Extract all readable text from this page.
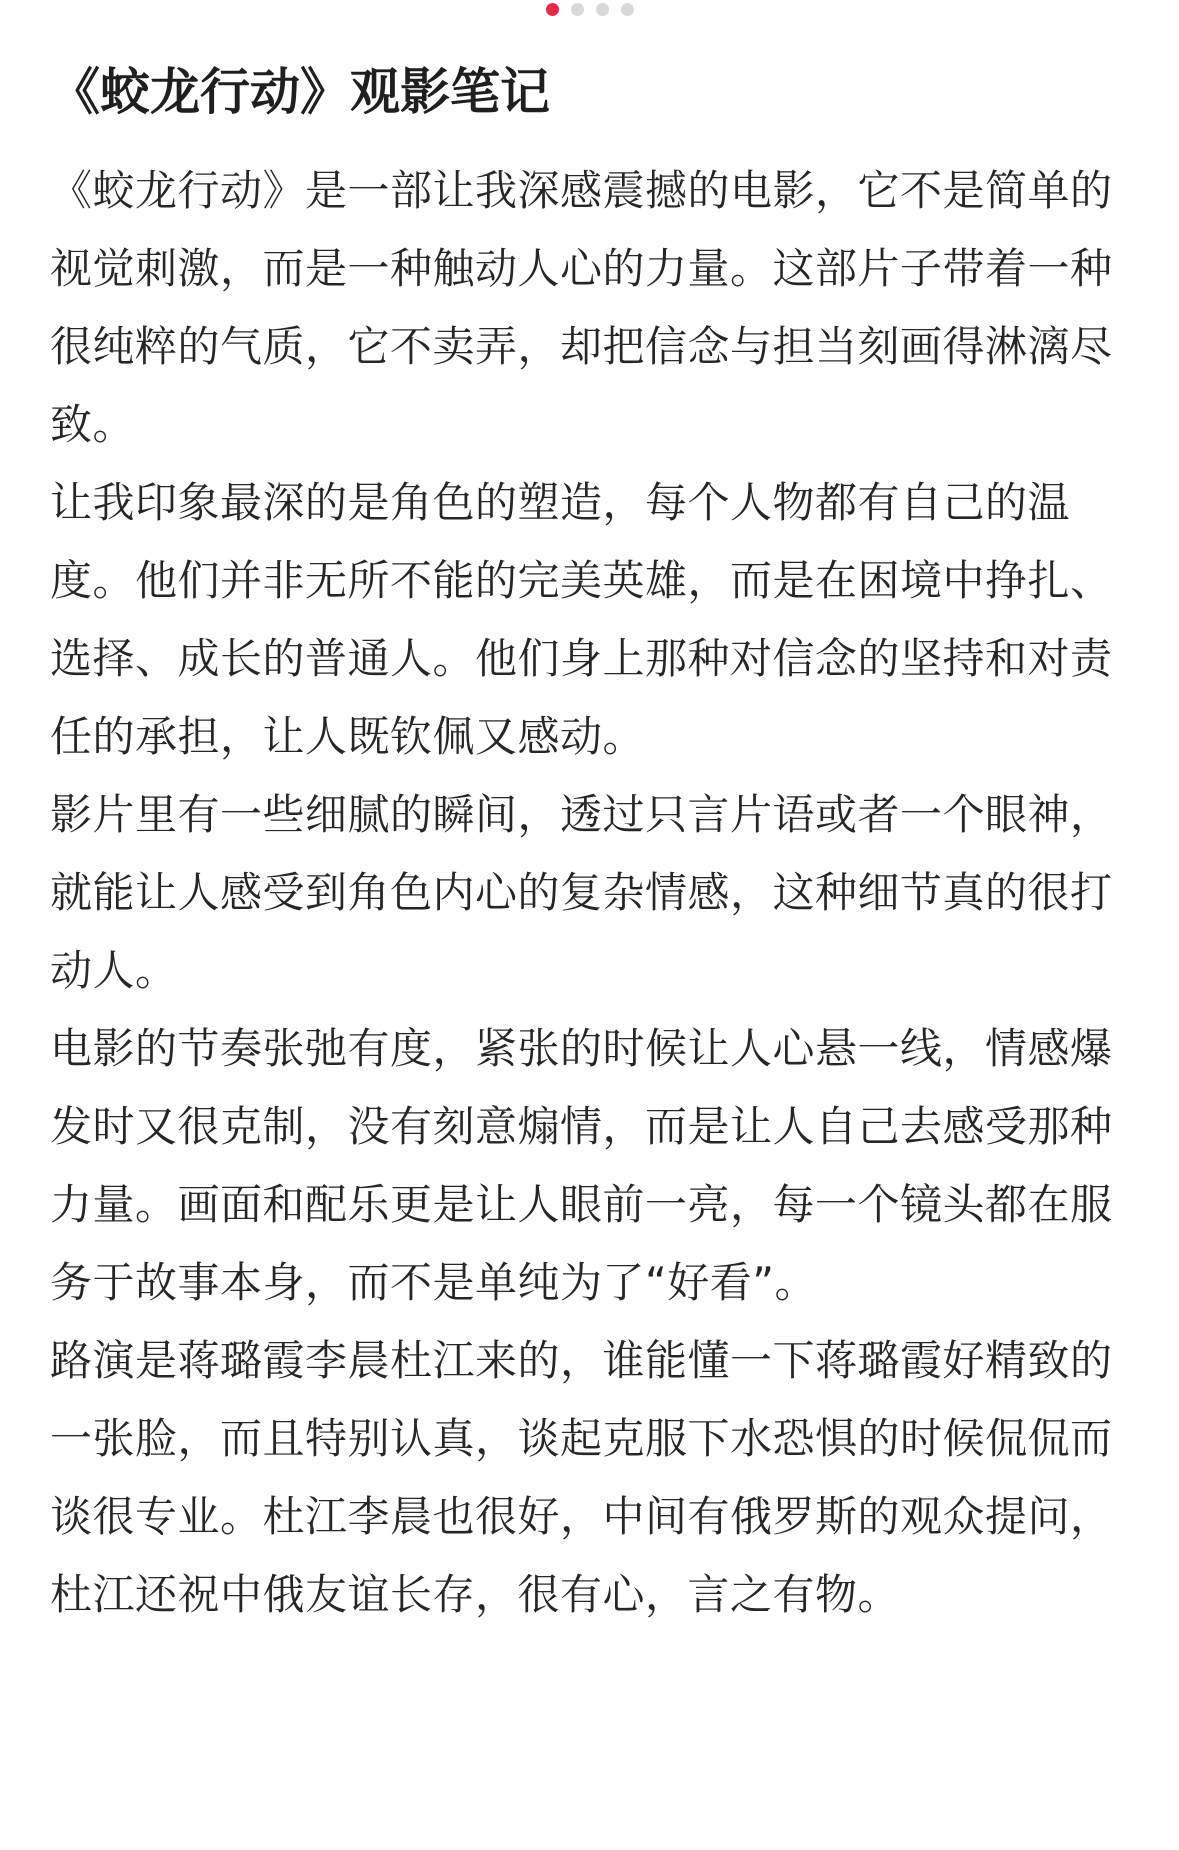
《蛟龙行动》观影笔记

《蛟龙行动》是一部让我深感震撼的电影，它不是简单的视觉刺激，而是一种触动人心的力量。这部片子带着一种很纯粹的气质，它不卖弄，却把信念与担当刻画得淋漓尽致。

让我印象最深的是角色的塑造，每个人物都有自己的温度。他们并非无所不能的完美英雄，而是在困境中挣扎、选择、成长的普通人。他们身上那种对信念的坚持和对责任的承担，让人既钦佩又感动。

影片里有一些细腻的瞬间，透过只言片语或者一个眼神，就能让人感受到角色内心的复杂情感，这种细节真的很打动人。

电影的节奏张弛有度，紧张的时候让人心悬一线，情感爆发时又很克制，没有刻意煽情，而是让人自己去感受那种力量。画面和配乐更是让人眼前一亮，每一个镜头都在服务于故事本身，而不是单纯为了“好看”。

路演是蒋璐霞李晨杜江来的，谁能懂一下蒋璐霞好精致的一张脸，而且特别认真，谈起克服下水恐惧的时候侃侃而谈很专业。杜江李晨也很好，中间有俄罗斯的观众提问，杜江还祝中俄友谊长存，很有心，言之有物。
